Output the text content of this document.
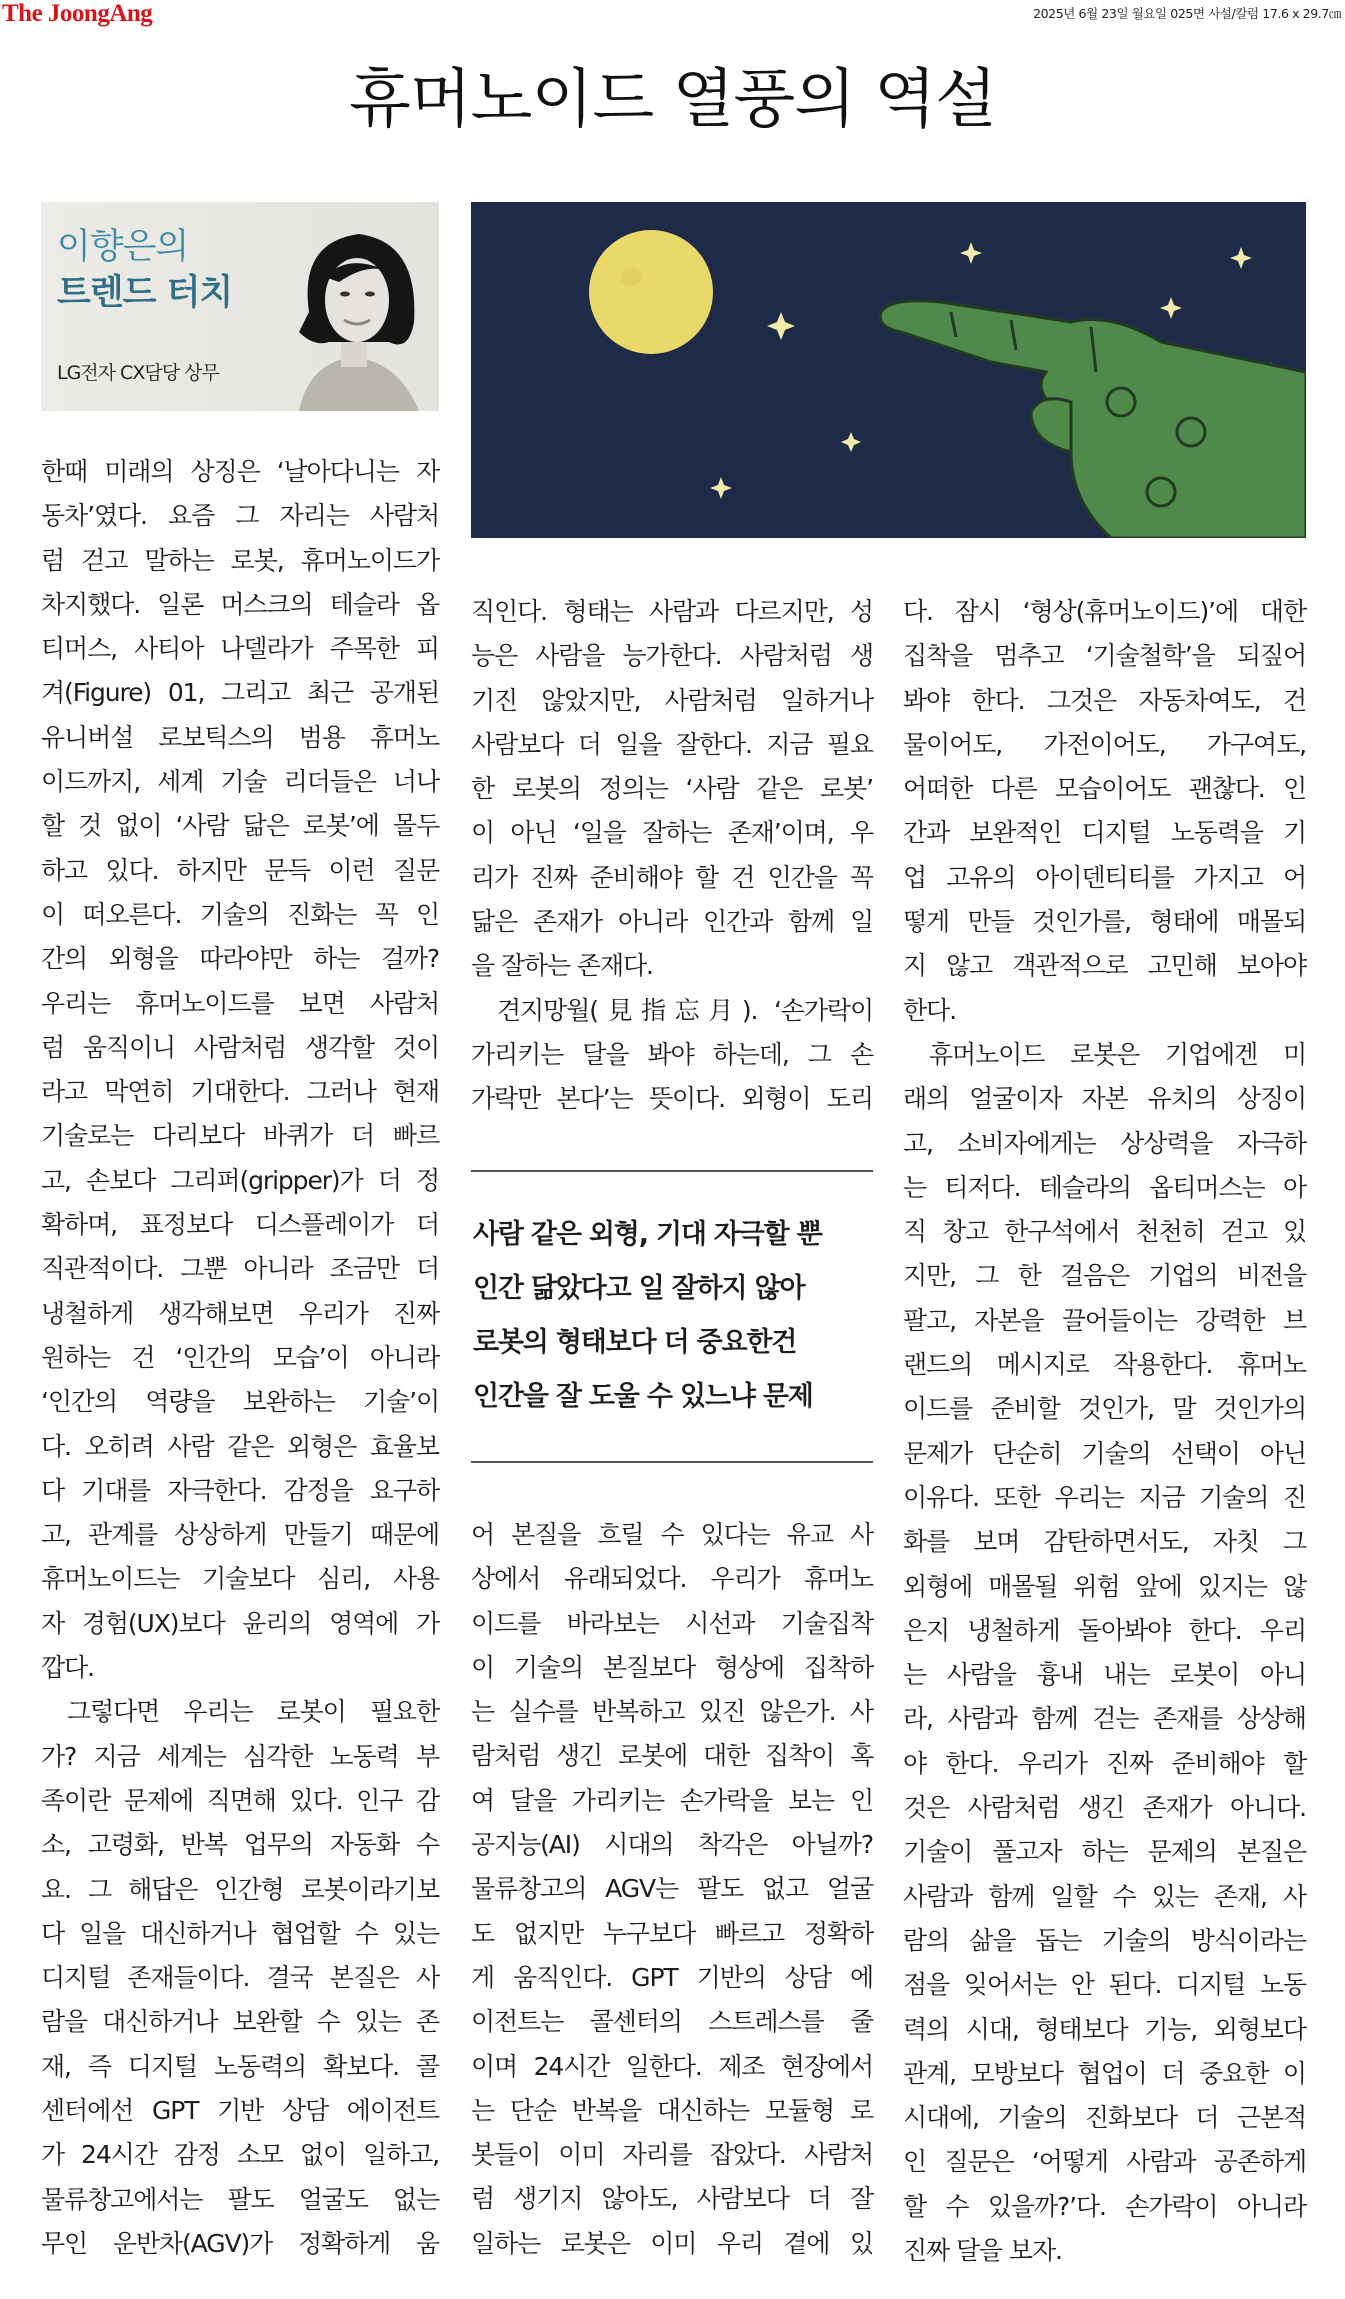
The JoongAng	2025년 6월 23일 월요일 025면 사설/칼럼 17.6 x 29.7㎝
휴머노이드 열풍의 역설
이향은의
트렌드 터치
LG전자 CX담당 상무
한때 미래의 상징은 ‘날아다니는 자
동차’였다. 요즘 그 자리는 사람처
럼 걷고 말하는 로봇, 휴머노이드가
차지했다. 일론 머스크의 테슬라 옵
티머스, 사티아 나델라가 주목한 피
겨(Figure) 01, 그리고 최근 공개된
유니버설 로보틱스의 범용 휴머노
이드까지, 세계 기술 리더들은 너나
할 것 없이 ‘사람 닮은 로봇’에 몰두
하고 있다. 하지만 문득 이런 질문
이 떠오른다. 기술의 진화는 꼭 인
간의 외형을 따라야만 하는 걸까?
우리는 휴머노이드를 보면 사람처
럼 움직이니 사람처럼 생각할 것이
라고 막연히 기대한다. 그러나 현재
기술로는 다리보다 바퀴가 더 빠르
고, 손보다 그리퍼(gripper)가 더 정
확하며, 표정보다 디스플레이가 더
직관적이다. 그뿐 아니라 조금만 더
냉철하게 생각해보면 우리가 진짜
원하는 건 ‘인간의 모습’이 아니라
‘인간의 역량을 보완하는 기술’이
다. 오히려 사람 같은 외형은 효율보
다 기대를 자극한다. 감정을 요구하
고, 관계를 상상하게 만들기 때문에
휴머노이드는 기술보다 심리, 사용
자 경험(UX)보다 윤리의 영역에 가
깝다.
그렇다면 우리는 로봇이 필요한
가? 지금 세계는 심각한 노동력 부
족이란 문제에 직면해 있다. 인구 감
소, 고령화, 반복 업무의 자동화 수
요. 그 해답은 인간형 로봇이라기보
다 일을 대신하거나 협업할 수 있는
디지털 존재들이다. 결국 본질은 사
람을 대신하거나 보완할 수 있는 존
재, 즉 디지털 노동력의 확보다. 콜
센터에선 GPT 기반 상담 에이전트
가 24시간 감정 소모 없이 일하고,
물류창고에서는 팔도 얼굴도 없는
무인 운반차(AGV)가 정확하게 움
직인다. 형태는 사람과 다르지만, 성
능은 사람을 능가한다. 사람처럼 생
기진 않았지만, 사람처럼 일하거나
사람보다 더 일을 잘한다. 지금 필요
한 로봇의 정의는 ‘사람 같은 로봇’
이 아닌 ‘일을 잘하는 존재’이며, 우
리가 진짜 준비해야 할 건 인간을 꼭
닮은 존재가 아니라 인간과 함께 일
을 잘하는 존재다.
견지망월(見指忘月). ‘손가락이
가리키는 달을 봐야 하는데, 그 손
가락만 본다’는 뜻이다. 외형이 도리
사람 같은 외형, 기대 자극할 뿐
인간 닮았다고 일 잘하지 않아
로봇의 형태보다 더 중요한건
인간을 잘 도울 수 있느냐 문제
어 본질을 흐릴 수 있다는 유교 사
상에서 유래되었다. 우리가 휴머노
이드를 바라보는 시선과 기술집착
이 기술의 본질보다 형상에 집착하
는 실수를 반복하고 있진 않은가. 사
람처럼 생긴 로봇에 대한 집착이 혹
여 달을 가리키는 손가락을 보는 인
공지능(AI) 시대의 착각은 아닐까?
물류창고의 AGV는 팔도 없고 얼굴
도 없지만 누구보다 빠르고 정확하
게 움직인다. GPT 기반의 상담 에
이전트는 콜센터의 스트레스를 줄
이며 24시간 일한다. 제조 현장에서
는 단순 반복을 대신하는 모듈형 로
봇들이 이미 자리를 잡았다. 사람처
럼 생기지 않아도, 사람보다 더 잘
일하는 로봇은 이미 우리 곁에 있
다. 잠시 ‘형상(휴머노이드)’에 대한
집착을 멈추고 ‘기술철학’을 되짚어
봐야 한다. 그것은 자동차여도, 건
물이어도, 가전이어도, 가구여도,
어떠한 다른 모습이어도 괜찮다. 인
간과 보완적인 디지털 노동력을 기
업 고유의 아이덴티티를 가지고 어
떻게 만들 것인가를, 형태에 매몰되
지 않고 객관적으로 고민해 보아야
한다.
휴머노이드 로봇은 기업에겐 미
래의 얼굴이자 자본 유치의 상징이
고, 소비자에게는 상상력을 자극하
는 티저다. 테슬라의 옵티머스는 아
직 창고 한구석에서 천천히 걷고 있
지만, 그 한 걸음은 기업의 비전을
팔고, 자본을 끌어들이는 강력한 브
랜드의 메시지로 작용한다. 휴머노
이드를 준비할 것인가, 말 것인가의
문제가 단순히 기술의 선택이 아닌
이유다. 또한 우리는 지금 기술의 진
화를 보며 감탄하면서도, 자칫 그
외형에 매몰될 위험 앞에 있지는 않
은지 냉철하게 돌아봐야 한다. 우리
는 사람을 흉내 내는 로봇이 아니
라, 사람과 함께 걷는 존재를 상상해
야 한다. 우리가 진짜 준비해야 할
것은 사람처럼 생긴 존재가 아니다.
기술이 풀고자 하는 문제의 본질은
사람과 함께 일할 수 있는 존재, 사
람의 삶을 돕는 기술의 방식이라는
점을 잊어서는 안 된다. 디지털 노동
력의 시대, 형태보다 기능, 외형보다
관계, 모방보다 협업이 더 중요한 이
시대에, 기술의 진화보다 더 근본적
인 질문은 ‘어떻게 사람과 공존하게
할 수 있을까?’다. 손가락이 아니라
진짜 달을 보자.
